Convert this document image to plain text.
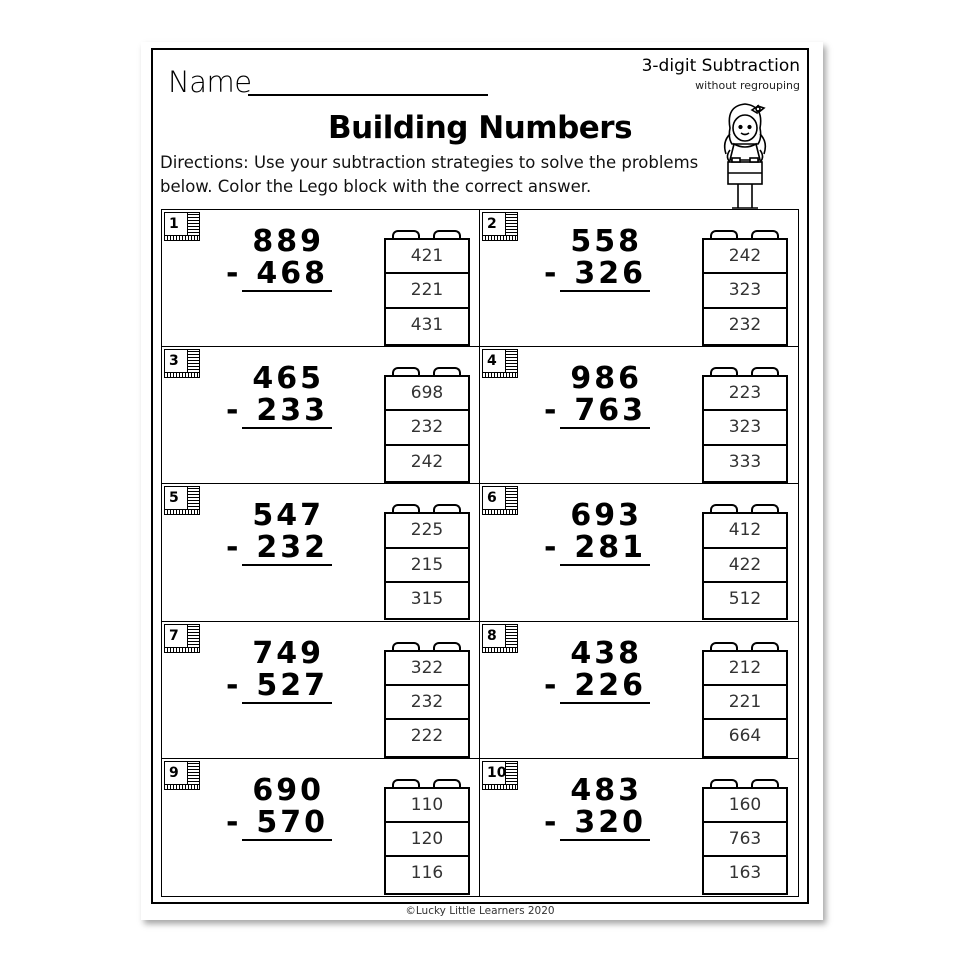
Name	3-digit Subtraction
without regrouping
Building Numbers
Directions: Use your subtraction strategies to solve the problems below. Color the Lego block with the correct answer.
1	889
- 468	421
221
431
2	558
- 326	242
323
232
3	465
- 233	698
232
242
4	986
- 763	223
323
333
5	547
- 232	225
215
315
6	693
- 281	412
422
512
7	749
- 527	322
232
222
8	438
- 226	212
221
664
9	690
- 570	110
120
116
10	483
- 320	160
763
163
©Lucky Little Learners 2020
